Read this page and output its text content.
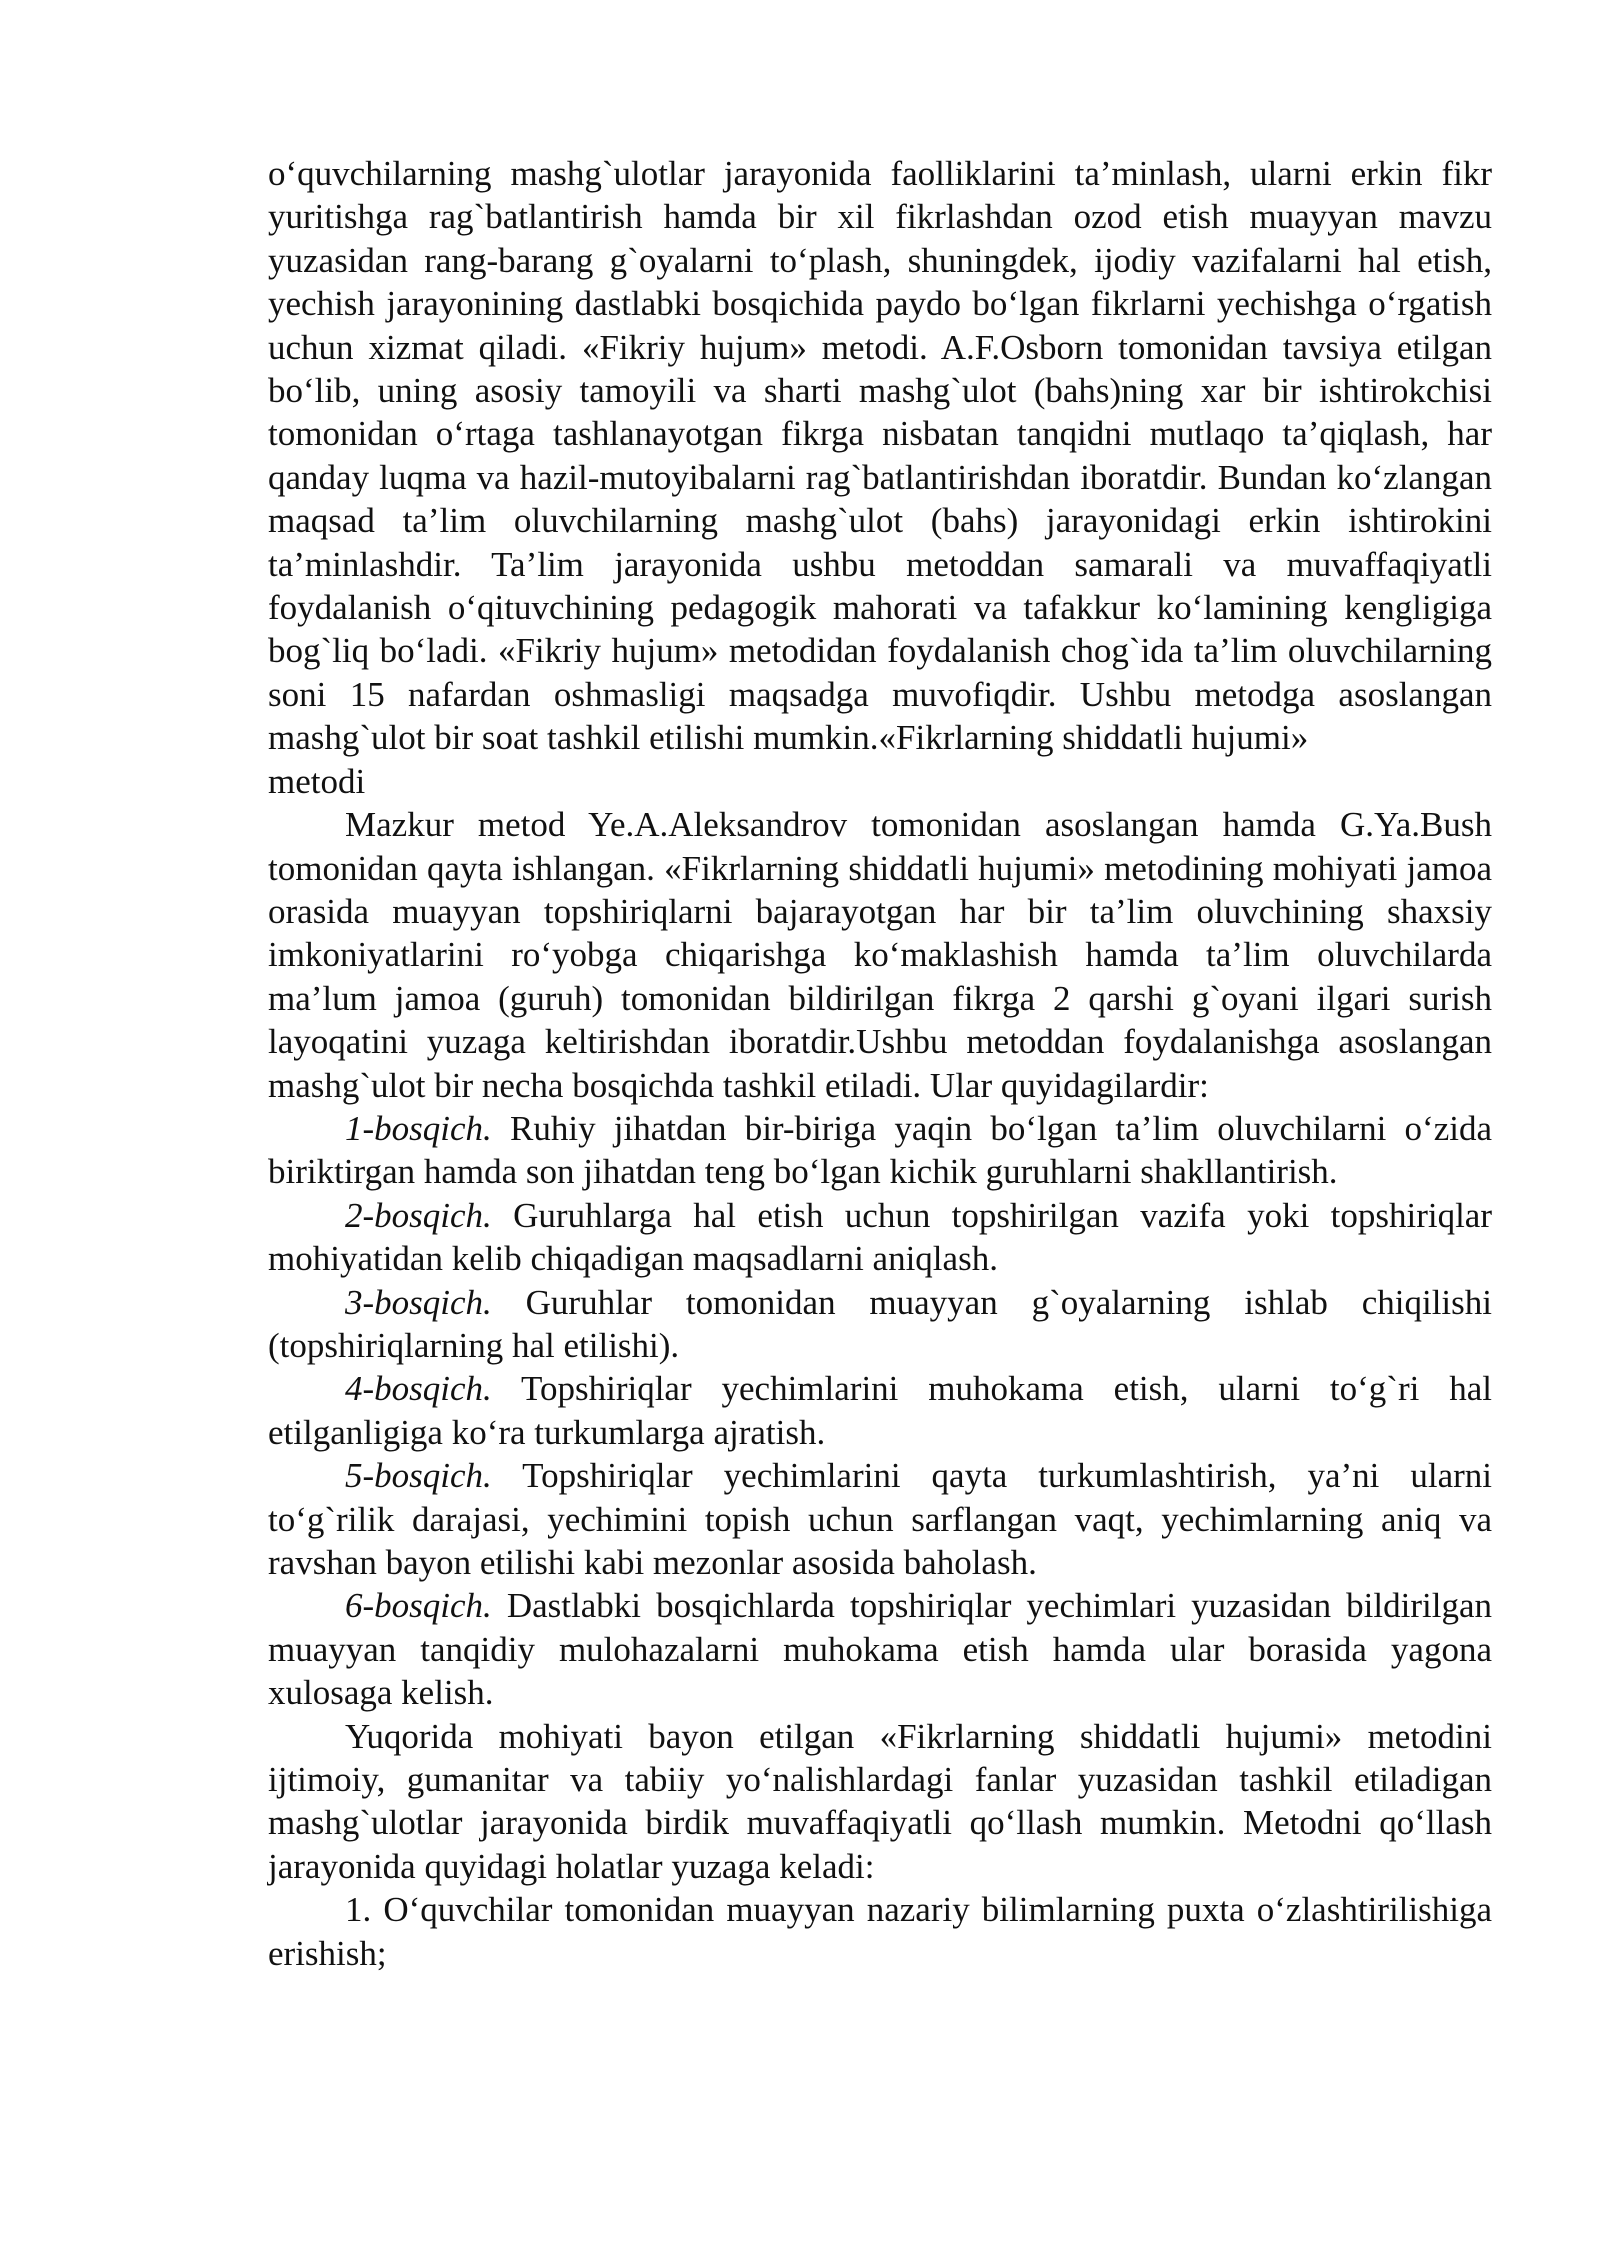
o‘quvchilarning mashg`ulotlar jarayonida faolliklarini ta’minlash, ularni erkin fikr yuritishga rag`batlantirish hamda bir xil fikrlashdan ozod etish muayyan mavzu yuzasidan rang-barang g`oyalarni to‘plash, shuningdek, ijodiy vazifalarni hal etish, yechish jarayonining dastlabki bosqichida paydo bo‘lgan fikrlarni yechishga o‘rgatish uchun xizmat qiladi. «Fikriy hujum» metodi. A.F.Osborn tomonidan tavsiya etilgan bo‘lib, uning asosiy tamoyili va sharti mashg`ulot (bahs)ning xar bir ishtirokchisi tomonidan o‘rtaga tashlanayotgan fikrga nisbatan tanqidni mutlaqo ta’qiqlash, har qanday luqma va hazil-mutoyibalarni rag`batlantirishdan iboratdir. Bundan ko‘zlangan maqsad ta’lim oluvchilarning mashg`ulot (bahs) jarayonidagi erkin ishtirokini ta’minlashdir. Ta’lim jarayonida ushbu metoddan samarali va muvaffaqiyatli foydalanish o‘qituvchining pedagogik mahorati va tafakkur ko‘lamining kengligiga bog`liq bo‘ladi. «Fikriy hujum» metodidan foydalanish chog`ida ta’lim oluvchilarning soni 15 nafardan oshmasligi maqsadga muvofiqdir. Ushbu metodga asoslangan mashg`ulot bir soat tashkil etilishi mumkin.«Fikrlarning shiddatli hujumi»

metodi

Mazkur metod Ye.A.Aleksandrov tomonidan asoslangan hamda G.Ya.Bush tomonidan qayta ishlangan. «Fikrlarning shiddatli hujumi» metodining mohiyati jamoa orasida muayyan topshiriqlarni bajarayotgan har bir ta’lim oluvchining shaxsiy imkoniyatlarini ro‘yobga chiqarishga ko‘maklashish hamda ta’lim oluvchilarda ma’lum jamoa (guruh) tomonidan bildirilgan fikrga 2 qarshi g`oyani ilgari surish layoqatini yuzaga keltirishdan iboratdir.Ushbu metoddan foydalanishga asoslangan mashg`ulot bir necha bosqichda tashkil etiladi. Ular quyidagilardir:

1-bosqich. Ruhiy jihatdan bir-biriga yaqin bo‘lgan ta’lim oluvchilarni o‘zida biriktirgan hamda son jihatdan teng bo‘lgan kichik guruhlarni shakllantirish.

2-bosqich. Guruhlarga hal etish uchun topshirilgan vazifa yoki topshiriqlar mohiyatidan kelib chiqadigan maqsadlarni aniqlash.

3-bosqich. Guruhlar tomonidan muayyan g`oyalarning ishlab chiqilishi (topshiriqlarning hal etilishi).

4-bosqich. Topshiriqlar yechimlarini muhokama etish, ularni to‘g`ri hal etilganligiga ko‘ra turkumlarga ajratish.

5-bosqich. Topshiriqlar yechimlarini qayta turkumlashtirish, ya’ni ularni to‘g`rilik darajasi, yechimini topish uchun sarflangan vaqt, yechimlarning aniq va ravshan bayon etilishi kabi mezonlar asosida baholash.

6-bosqich. Dastlabki bosqichlarda topshiriqlar yechimlari yuzasidan bildirilgan muayyan tanqidiy mulohazalarni muhokama etish hamda ular borasida yagona xulosaga kelish.

Yuqorida mohiyati bayon etilgan «Fikrlarning shiddatli hujumi» metodini ijtimoiy, gumanitar va tabiiy yo‘nalishlardagi fanlar yuzasidan tashkil etiladigan mashg`ulotlar jarayonida birdik muvaffaqiyatli qo‘llash mumkin. Metodni qo‘llash jarayonida quyidagi holatlar yuzaga keladi:

1. O‘quvchilar tomonidan muayyan nazariy bilimlarning puxta o‘zlashtirilishiga erishish;
